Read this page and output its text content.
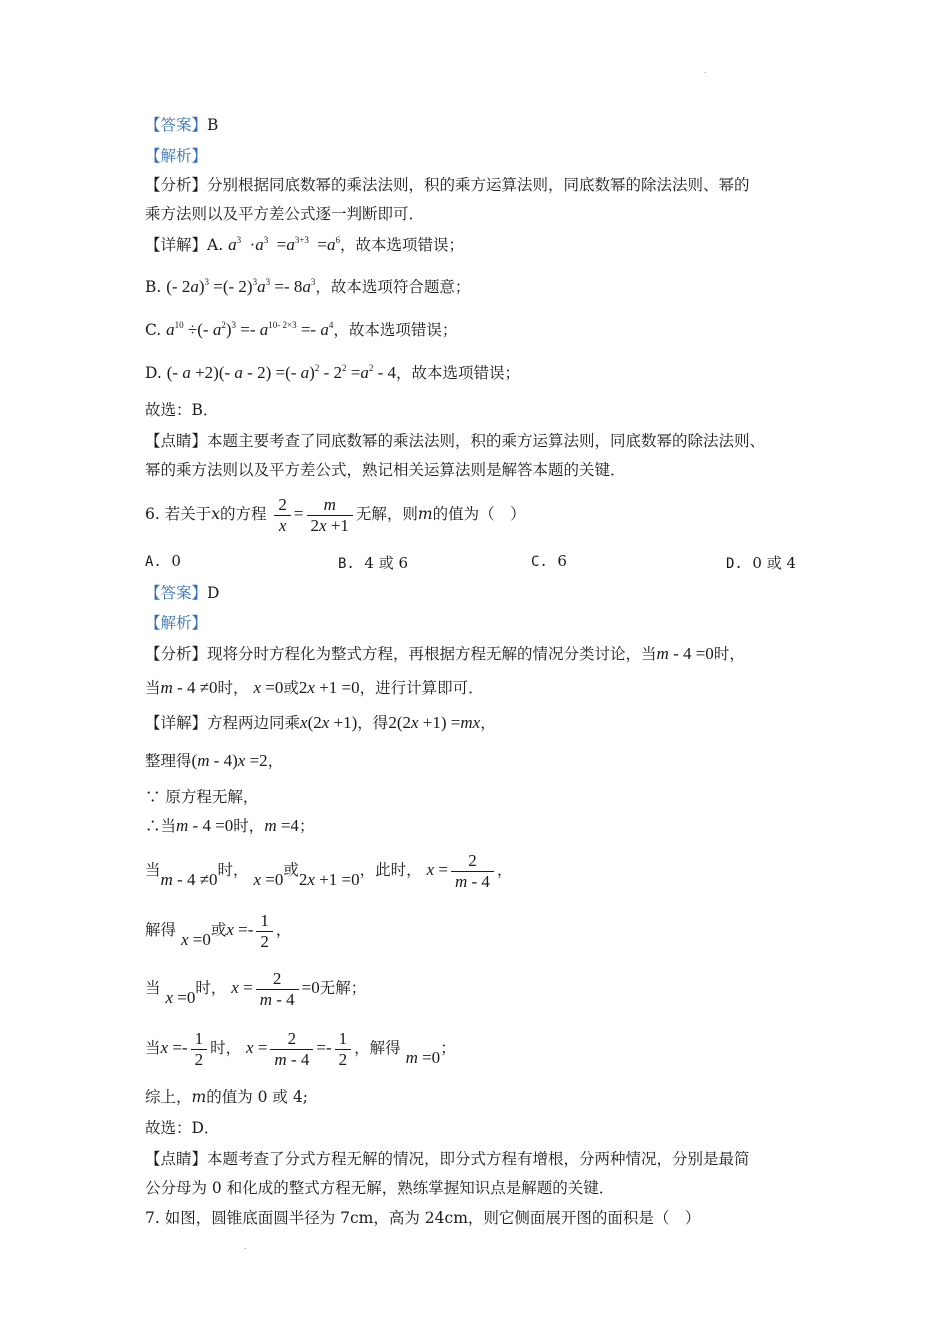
.
【答案】B
【解析】
【分析】分别根据同底数幂的乘法法则，积的乘方运算法则，同底数幂的除法法则、幂的
乘方法则以及平方差公式逐一判断即可．
【详解】A. $a^3 \cdot a^3 =a^{3+3} =a^6$，故本选项错误；
B. (- 2a)$^3$ =(- $2)^3a^3 =- 8a^3$，故本选项符合题意；
C. $a^{10}$ ÷(- $a^2)^3 =- a^{10- 2\times 3} =- a^4$，故本选项错误；
D. (- a +2)(- a - 2) =(- $a)^2 - 2^2 =a^2 - 4$，故本选项错误；
故选：B．
【点睛】本题主要考查了同底数幂的乘法法则，积的乘方运算法则，同底数幂的除法法则、
幂的乘方法则以及平方差公式，熟记相关运算法则是解答本题的关键．
6. 若关于x的方程 $\frac{2}{x} = \frac{m}{2x +1}$ 无解，则m的值为（　）
A. 0	B. 4 或 6	C. 6	D. 0 或 4
【答案】D
【解析】
【分析】现将分时方程化为整式方程，再根据方程无解的情况分类讨论，当m - 4 =0时，
当m - 4 ≠0时， x =0或2x +1 =0，进行计算即可．
【详解】方程两边同乘x(2x +1)，得2(2x +1) =mx，
整理得(m - 4)x =2，
∵ 原方程无解，
∴当m - 4 =0时，m =4；
当m - 4 ≠0时， x =0或2x +1 =0，此时， $x = \frac{2}{m - 4}$ ，
解得 x =0或$x =- \frac{1}{2}$ ，
当 x =0时， $x = \frac{2}{m - 4} =0$无解；
当$x =- \frac{1}{2}$ 时， $x = \frac{2}{m - 4} =- \frac{1}{2}$ ，解得 m =0；
综上，m的值为 0 或 4;
故选：D．
【点睛】本题考查了分式方程无解的情况，即分式方程有增根，分两种情况，分别是最简
公分母为 0 和化成的整式方程无解，熟练掌握知识点是解题的关键．
7. 如图，圆锥底面圆半径为 7cm，高为 24cm，则它侧面展开图的面积是（　）
.
